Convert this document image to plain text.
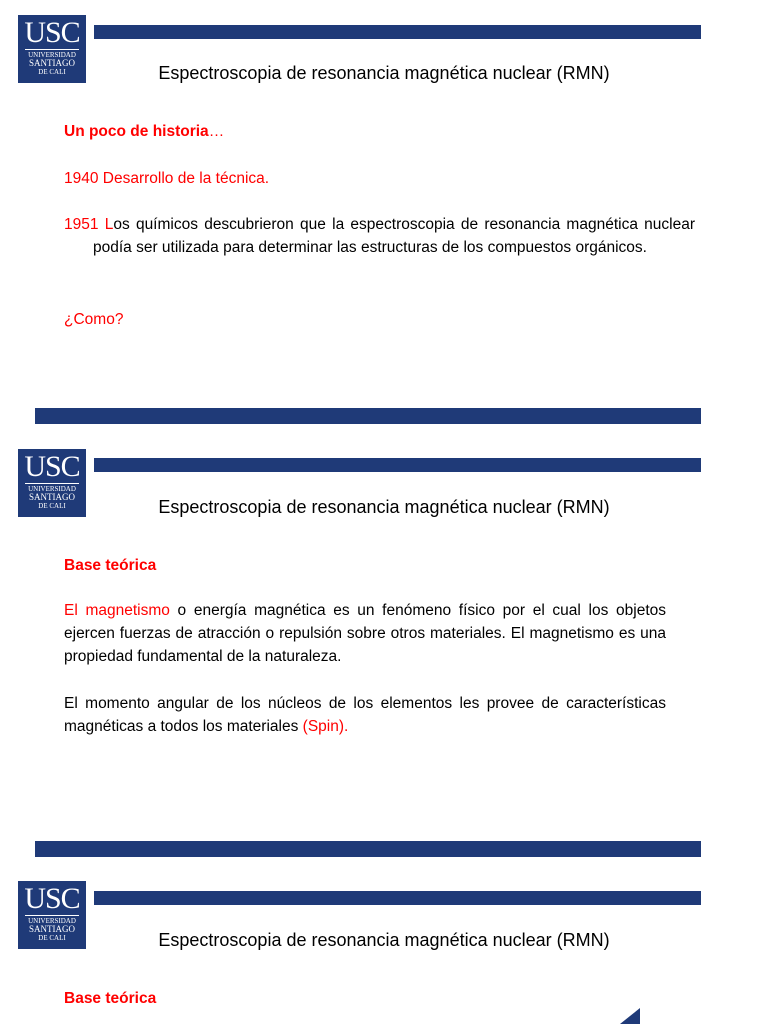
USC
UNIVERSIDAD
SANTIAGO
DE CALI	Espectroscopia de resonancia magnética nuclear (RMN)
Un poco de historia…
1940 Desarrollo de la técnica.
1951 Los químicos descubrieron que la espectroscopia de resonancia magnética nuclear podía ser utilizada para determinar las estructuras de los compuestos orgánicos.
¿Como?
USC
UNIVERSIDAD
SANTIAGO
DE CALI	Espectroscopia de resonancia magnética nuclear (RMN)
Base teórica
El magnetismo o energía magnética es un fenómeno físico por el cual los objetos ejercen fuerzas de atracción o repulsión sobre otros materiales. El magnetismo es una propiedad fundamental de la naturaleza.
El momento angular de los núcleos de los elementos les provee de características magnéticas a todos los materiales (Spin).
USC
UNIVERSIDAD
SANTIAGO
DE CALI	Espectroscopia de resonancia magnética nuclear (RMN)
Base teórica
